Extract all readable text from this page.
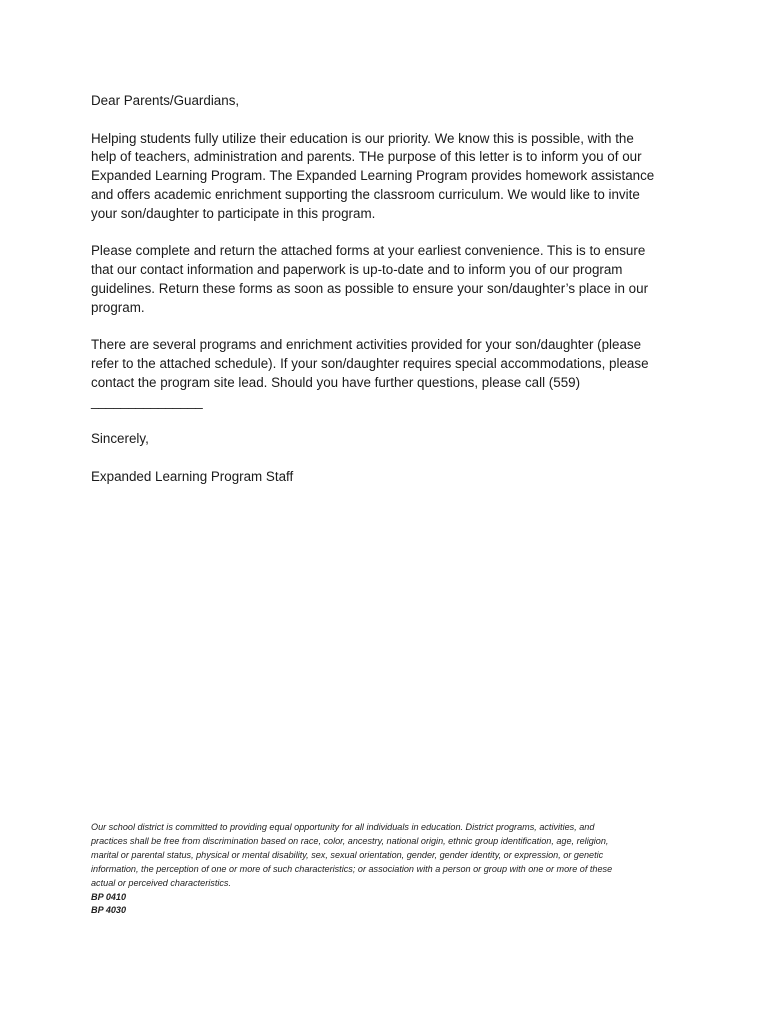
Dear Parents/Guardians,

Helping students fully utilize their education is our priority. We know this is possible, with the
help of teachers, administration and parents. THe purpose of this letter is to inform you of our
Expanded Learning Program. The Expanded Learning Program provides homework assistance
and offers academic enrichment supporting the classroom curriculum. We would like to invite
your son/daughter to participate in this program.

Please complete and return the attached forms at your earliest convenience. This is to ensure
that our contact information and paperwork is up-to-date and to inform you of our program
guidelines. Return these forms as soon as possible to ensure your son/daughter’s place in our
program.

There are several programs and enrichment activities provided for your son/daughter (please
refer to the attached schedule). If your son/daughter requires special accommodations, please
contact the program site lead. Should you have further questions, please call (559)
_______________

Sincerely,

Expanded Learning Program Staff

Our school district is committed to providing equal opportunity for all individuals in education. District programs, activities, and
practices shall be free from discrimination based on race, color, ancestry, national origin, ethnic group identification, age, religion,
marital or parental status, physical or mental disability, sex, sexual orientation, gender, gender identity, or expression, or genetic
information, the perception of one or more of such characteristics; or association with a person or group with one or more of these
actual or perceived characteristics.

BP 0410

BP 4030
